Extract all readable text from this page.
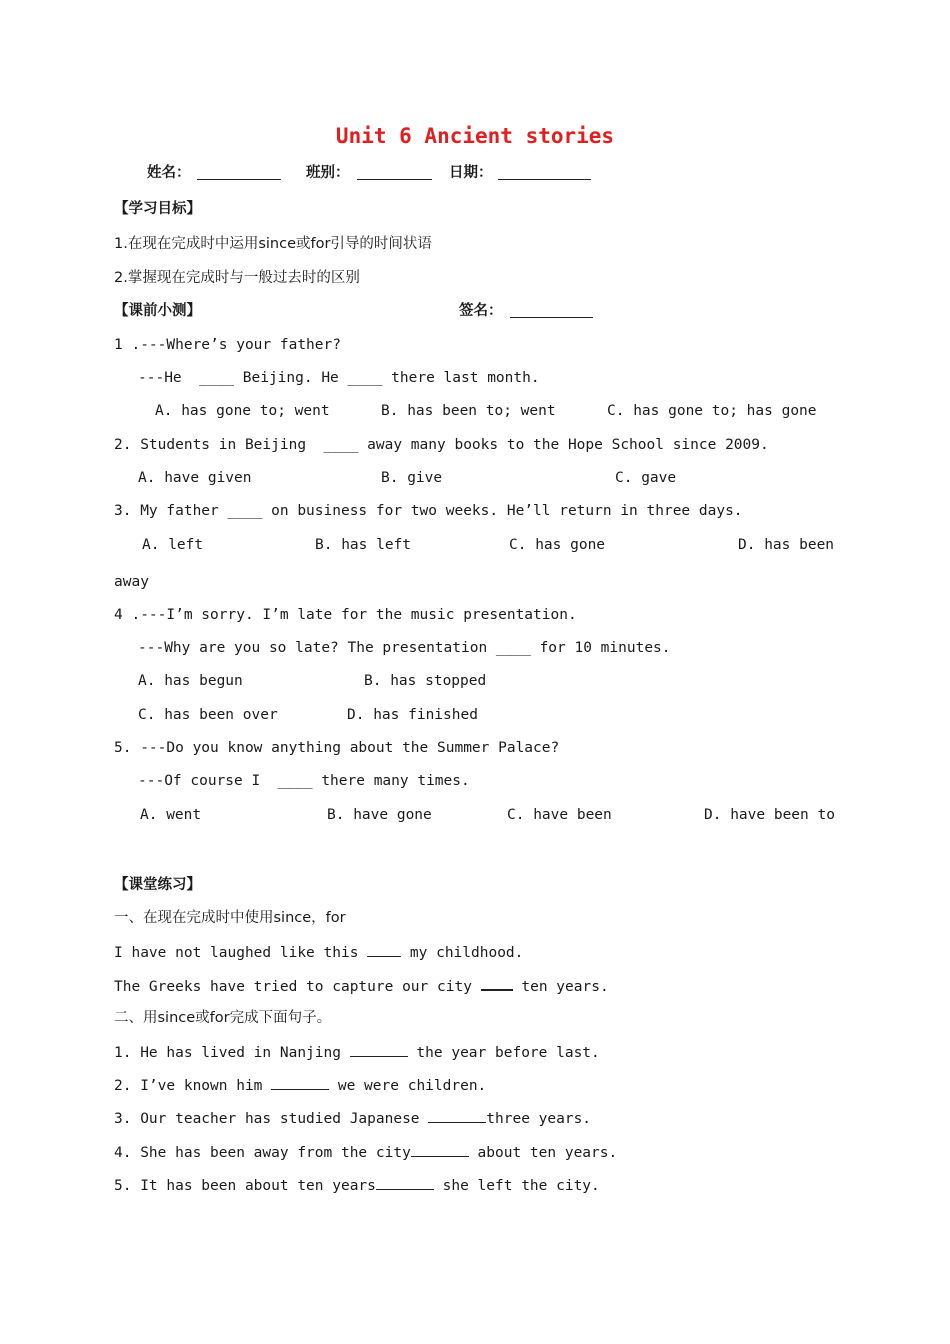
Unit 6 Ancient stories
姓名：	班别：	日期：
【学习目标】
1.在现在完成时中运用since或for引导的时间状语
2.掌握现在完成时与一般过去时的区别
【课前小测】	签名：
1 .---Where’s your father?
---He  ____ Beijing. He ____ there last month.
A. has gone to; went	B. has been to; went	C. has gone to; has gone
2. Students in Beijing  ____ away many books to the Hope School since 2009.
A. have given	B. give	C. gave
3. My father ____ on business for two weeks. He’ll return in three days.
A. left	B. has left	C. has gone	D. has been
away
4 .---I’m sorry. I’m late for the music presentation.
---Why are you so late? The presentation ____ for 10 minutes.
A. has begun	B. has stopped
C. has been over	D. has finished
5. ---Do you know anything about the Summer Palace?
---Of course I  ____ there many times.
A. went	B. have gone	C. have been	D. have been to
【课堂练习】
一、在现在完成时中使用since，for
I have not laughed like this  my childhood.
The Greeks have tried to capture our city  ten years.
二、用since或for完成下面句子。
1. He has lived in Nanjing	the year before last.
2. I’ve known him	we were children.
3. Our teacher has studied Japanese	three years.
4. She has been away from the city	about ten years.
5. It has been about ten years	she left the city.
